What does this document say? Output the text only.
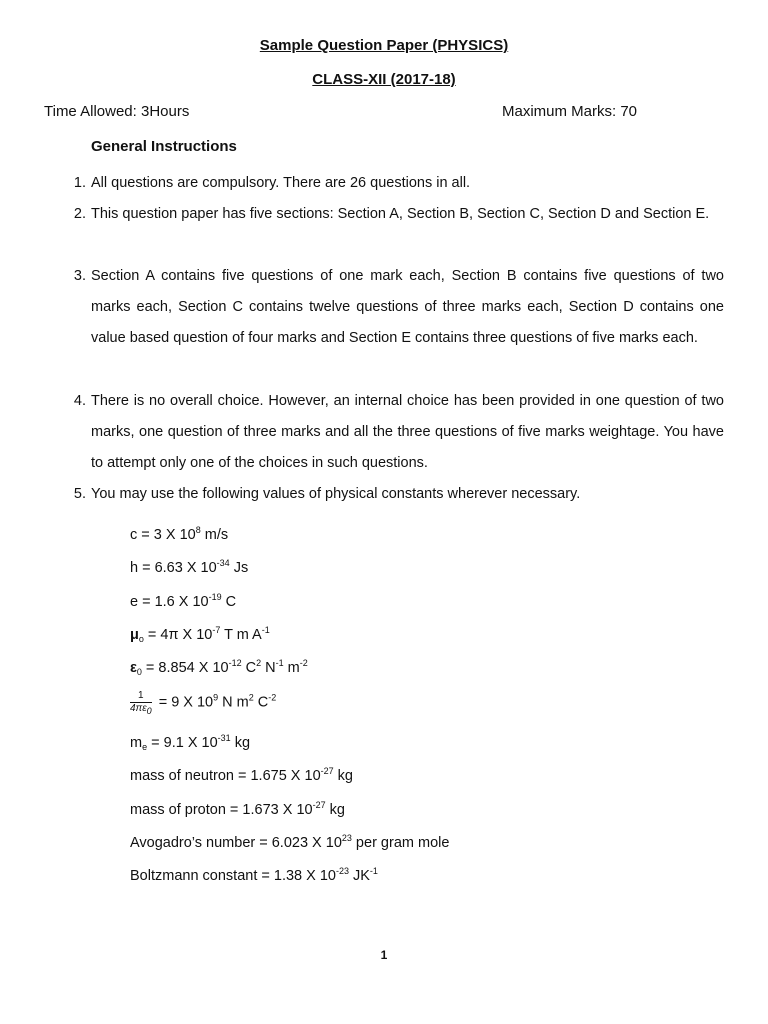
Sample Question Paper (PHYSICS)
CLASS-XII (2017-18)
Time Allowed: 3Hours	Maximum Marks: 70
General Instructions
1. All questions are compulsory. There are 26 questions in all.
2. This question paper has five sections: Section A, Section B, Section C, Section D and Section E.
3. Section A contains five questions of one mark each, Section B contains five questions of two marks each, Section C contains twelve questions of three marks each, Section D contains one value based question of four marks and Section E contains three questions of five marks each.
4. There is no overall choice. However, an internal choice has been provided in one question of two marks, one question of three marks and all the three questions of five marks weightage. You have to attempt only one of the choices in such questions.
5. You may use the following values of physical constants wherever necessary.
c = 3 X $10^8$ m/s
h = 6.63 X $10^{-34}$ Js
e = 1.6 X $10^{-19}$ C
$\mu_o = 4\pi$ X $10^{-7}$ T m $A^{-1}$
$\varepsilon_0 = 8.854$ X $10^{-12}$ $C^2$ $N^{-1}$ $m^{-2}$
$\frac{1}{4\pi\varepsilon_0} = 9$ X $10^9$ N $m^2$ $C^{-2}$
$m_e = 9.1$ X $10^{-31}$ kg
mass of neutron = 1.675 X $10^{-27}$ kg
mass of proton = 1.673 X $10^{-27}$ kg
Avogadro’s number = 6.023 X $10^{23}$ per gram mole
Boltzmann constant = 1.38 X $10^{-23}$ $JK^{-1}$
1
